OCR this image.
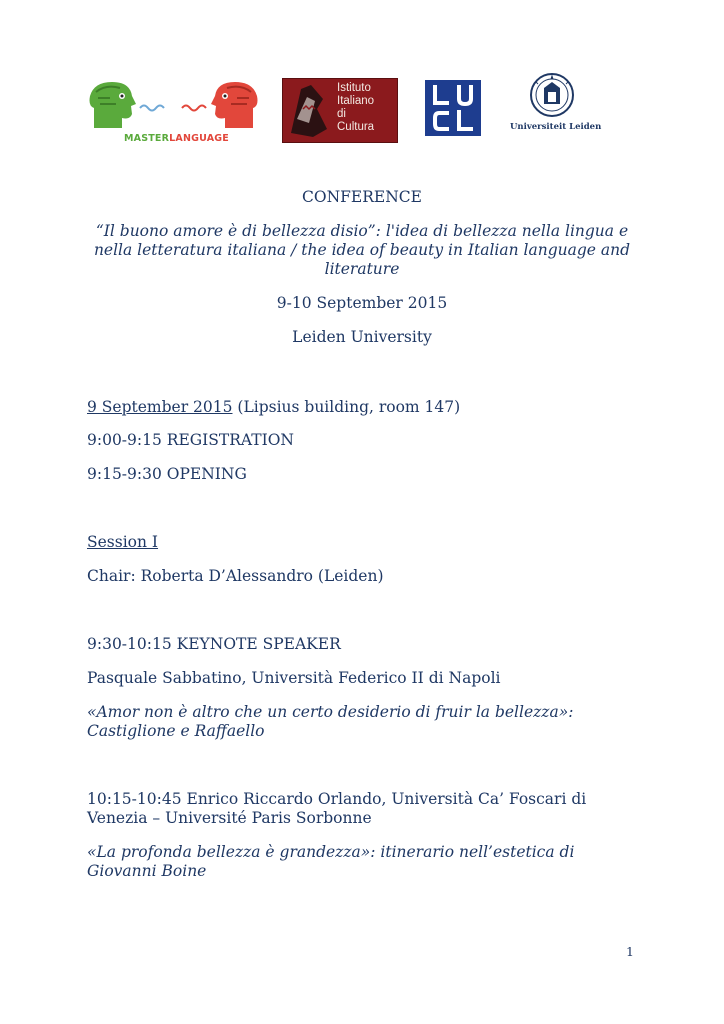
MASTERLANGUAGE
Istituto
Italiano
di
Cultura	Universiteit Leiden
CONFERENCE
“Il buono amore è di bellezza disio”: l'idea di bellezza nella lingua e nella letteratura italiana / the idea of beauty in Italian language and literature
9-10 September 2015
Leiden University
9 September 2015 (Lipsius building, room 147)
9:00-9:15 REGISTRATION
9:15-9:30 OPENING
Session I
Chair: Roberta D’Alessandro (Leiden)
9:30-10:15 KEYNOTE SPEAKER
Pasquale Sabbatino, Università Federico II di Napoli
«Amor non è altro che un certo desiderio di fruir la bellezza»: Castiglione e Raffaello
10:15-10:45 Enrico Riccardo Orlando, Università Ca’ Foscari di Venezia – Université Paris Sorbonne
«La profonda bellezza è grandezza»: itinerario nell’estetica di Giovanni Boine
1
